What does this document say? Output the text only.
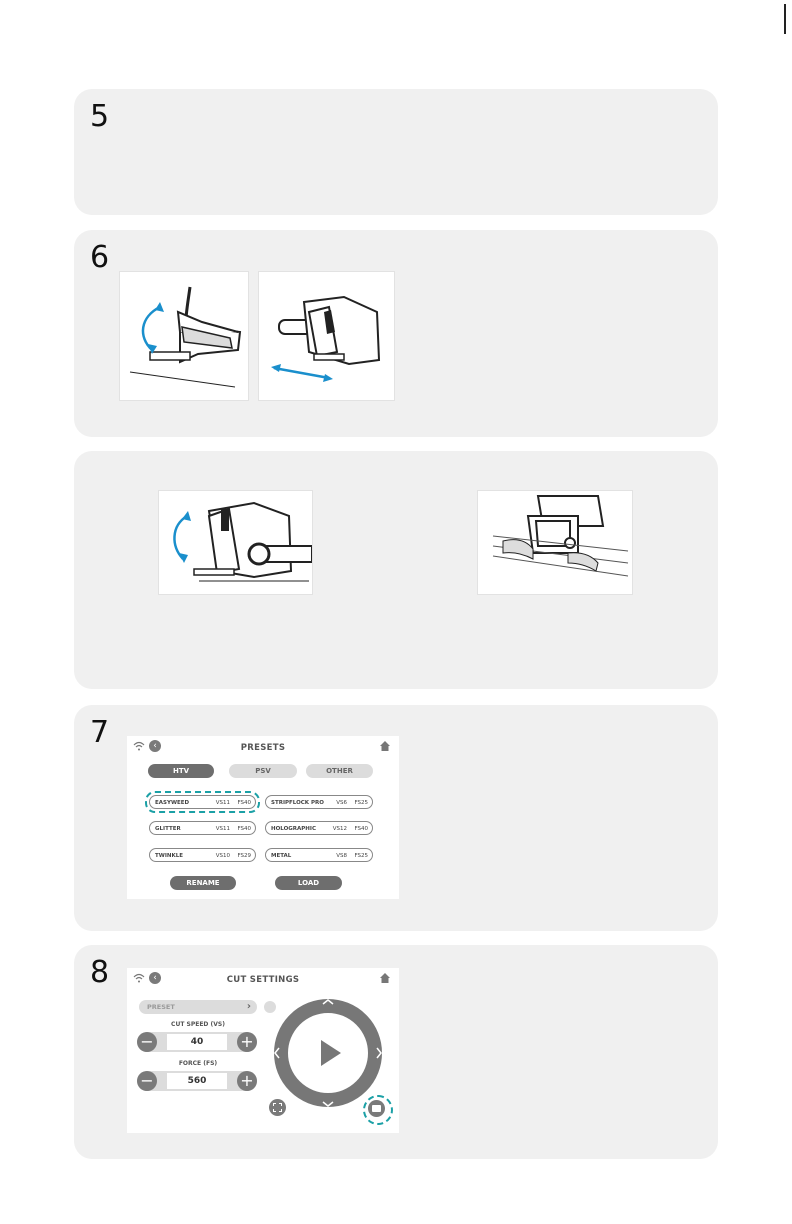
5
6
7	‹	PRESETS
HTV	PSV	OTHER
EASYWEED	VS11 FS40	STRIPFLOCK PRO VS6 FS25
GLITTER	VS11 FS40	HOLOGRAPHIC	VS12 FS40
TWINKLE	VS10 FS29	METAL	VS8 FS25
RENAME	LOAD
8	‹	CUT SETTINGS
PRESET	›
CUT SPEED (VS)
−	40	+
FORCE (FS)
−	560	+
